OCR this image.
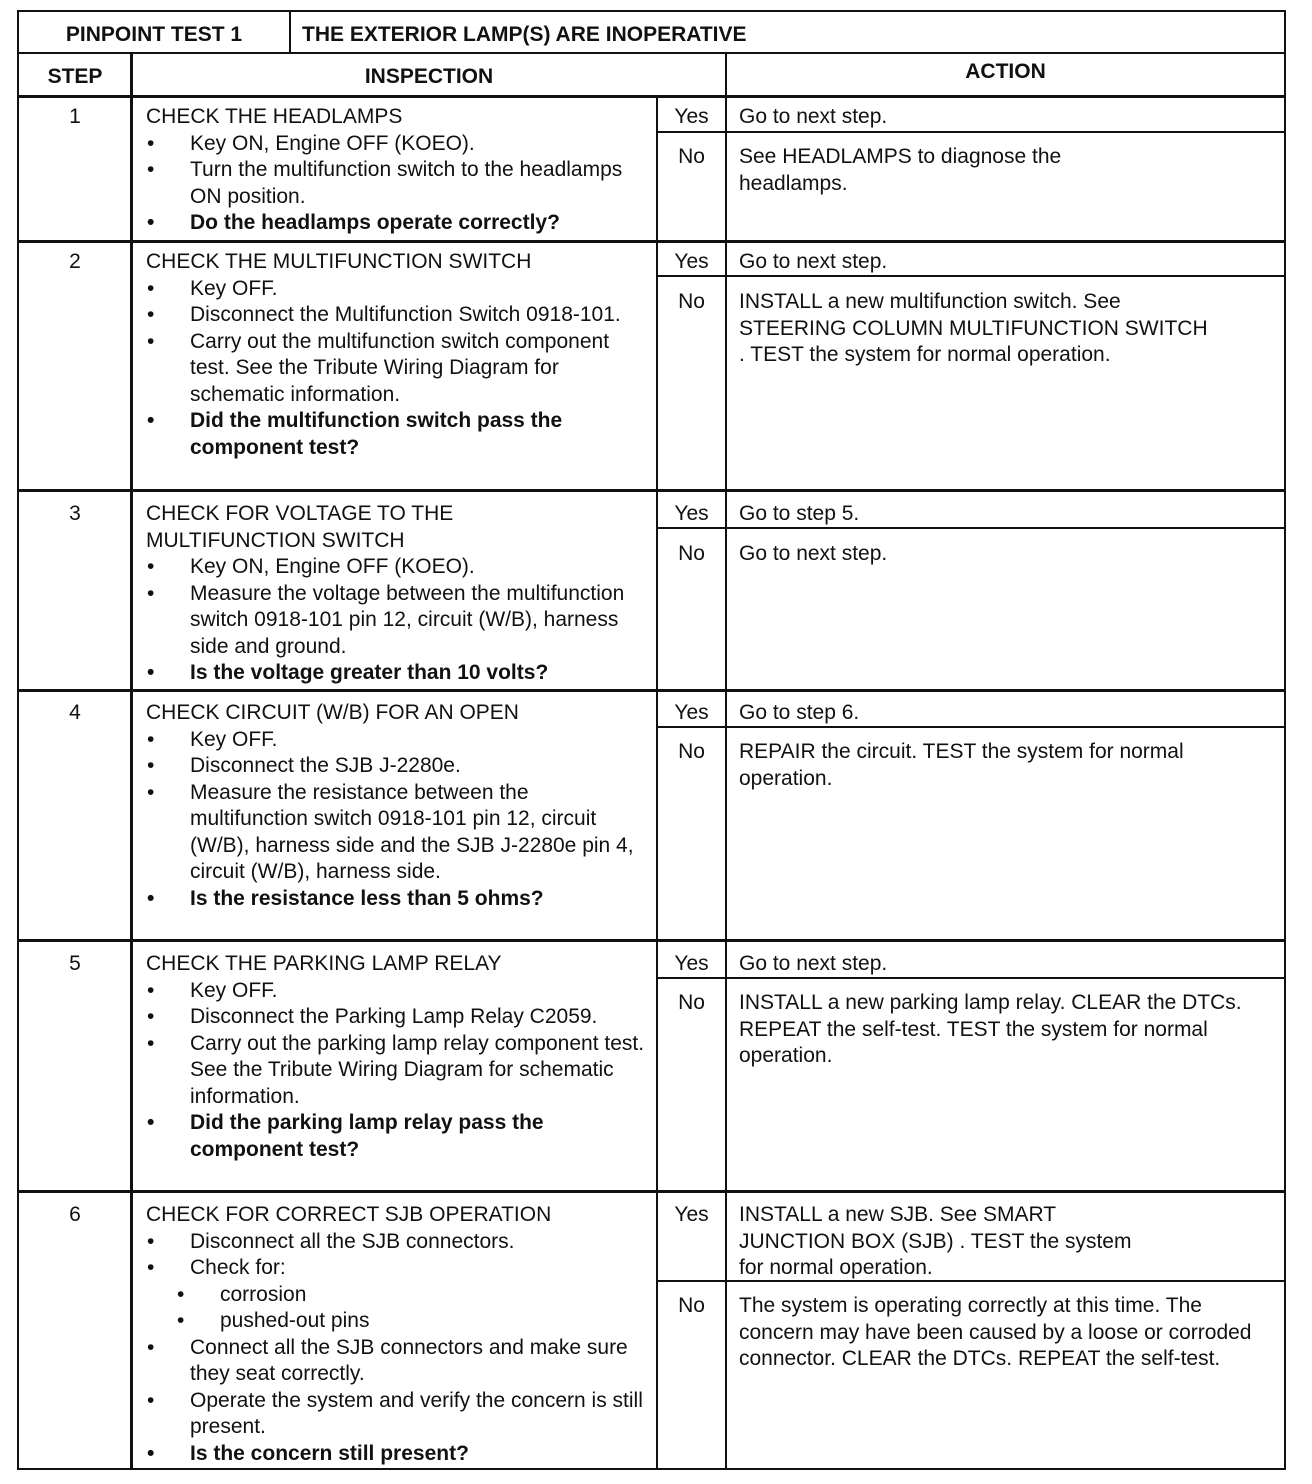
PINPOINT TEST 1	THE EXTERIOR LAMP(S) ARE INOPERATIVE
STEP	INSPECTION	ACTION
1	CHECK THE HEADLAMPS
• Key ON, Engine OFF (KOEO).
• Turn the multifunction switch to the headlamps ON position.
• Do the headlamps operate correctly?
Yes	Go to next step.
No	See HEADLAMPS to diagnose the headlamps.
2	CHECK THE MULTIFUNCTION SWITCH
• Key OFF.
• Disconnect the Multifunction Switch 0918-101.
• Carry out the multifunction switch component test. See the Tribute Wiring Diagram for schematic information.
• Did the multifunction switch pass the component test?
Yes	Go to next step.
No	INSTALL a new multifunction switch. See STEERING COLUMN MULTIFUNCTION SWITCH . TEST the system for normal operation.
3	CHECK FOR VOLTAGE TO THE MULTIFUNCTION SWITCH
• Key ON, Engine OFF (KOEO).
• Measure the voltage between the multifunction switch 0918-101 pin 12, circuit (W/B), harness side and ground.
• Is the voltage greater than 10 volts?
Yes	Go to step 5.
No	Go to next step.
4	CHECK CIRCUIT (W/B) FOR AN OPEN
• Key OFF.
• Disconnect the SJB J-2280e.
• Measure the resistance between the multifunction switch 0918-101 pin 12, circuit (W/B), harness side and the SJB J-2280e pin 4, circuit (W/B), harness side.
• Is the resistance less than 5 ohms?
Yes	Go to step 6.
No	REPAIR the circuit. TEST the system for normal operation.
5	CHECK THE PARKING LAMP RELAY
• Key OFF.
• Disconnect the Parking Lamp Relay C2059.
• Carry out the parking lamp relay component test. See the Tribute Wiring Diagram for schematic information.
• Did the parking lamp relay pass the component test?
Yes	Go to next step.
No	INSTALL a new parking lamp relay. CLEAR the DTCs. REPEAT the self-test. TEST the system for normal operation.
6	CHECK FOR CORRECT SJB OPERATION
• Disconnect all the SJB connectors.
• Check for:
• corrosion
• pushed-out pins
• Connect all the SJB connectors and make sure they seat correctly.
• Operate the system and verify the concern is still present.
• Is the concern still present?
Yes	INSTALL a new SJB. See SMART JUNCTION BOX (SJB) . TEST the system for normal operation.
No	The system is operating correctly at this time. The concern may have been caused by a loose or corroded connector. CLEAR the DTCs. REPEAT the self-test.
